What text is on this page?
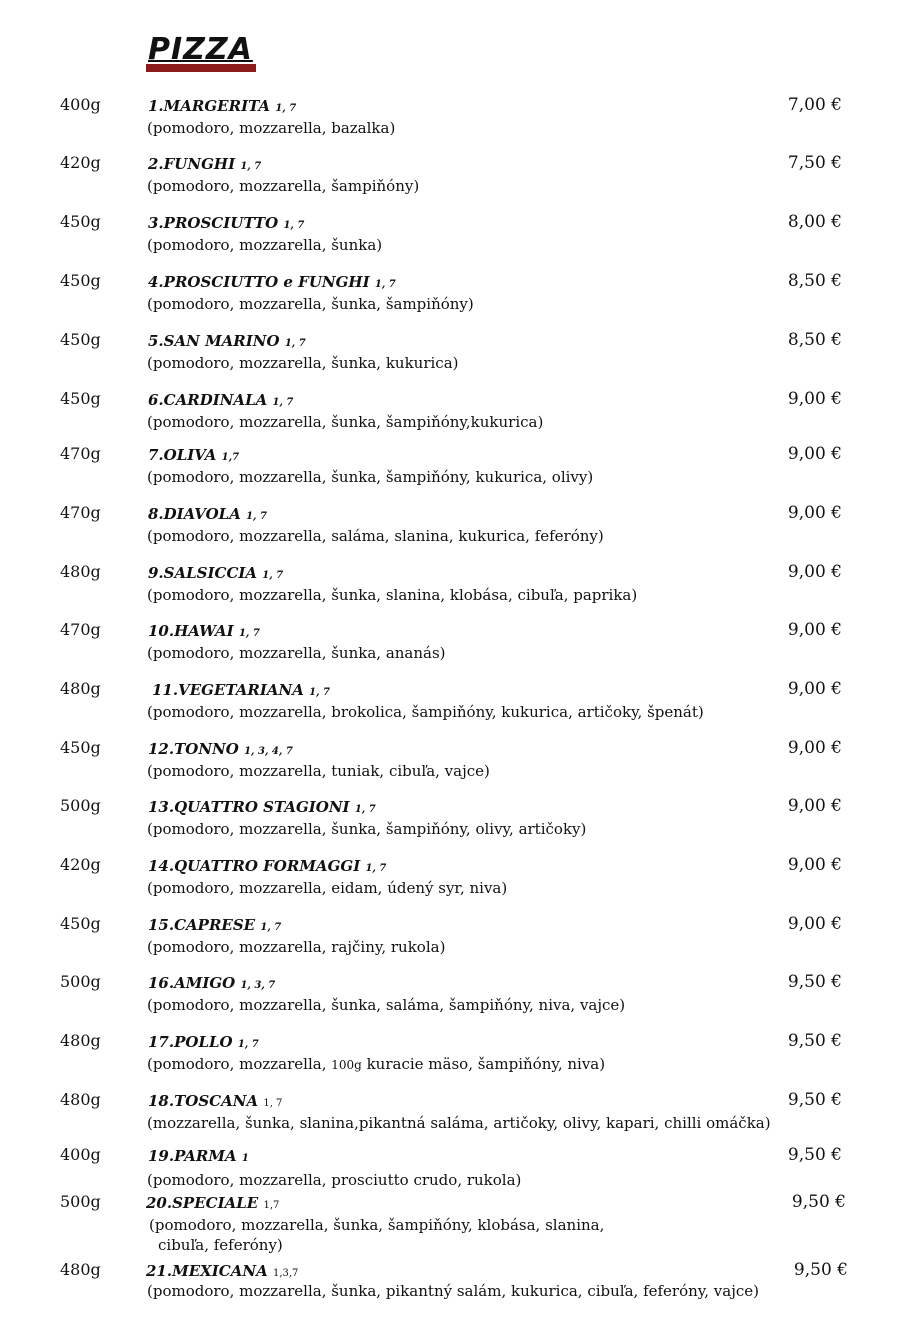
PIZZA
400g	1.MARGERITA 1, 7	7,00 €
(pomodoro, mozzarella, bazalka)
420g	2.FUNGHI 1, 7	7,50 €
(pomodoro, mozzarella, šampiňóny)
450g	3.PROSCIUTTO 1, 7	8,00 €
(pomodoro, mozzarella, šunka)
450g	4.PROSCIUTTO e FUNGHI 1, 7	8,50 €
(pomodoro, mozzarella, šunka, šampiňóny)
450g	5.SAN MARINO 1, 7	8,50 €
(pomodoro, mozzarella, šunka, kukurica)
450g	6.CARDINALA 1, 7	9,00 €
(pomodoro, mozzarella, šunka, šampiňóny,kukurica)
470g	7.OLIVA 1,7	9,00 €
(pomodoro, mozzarella, šunka, šampiňóny, kukurica, olivy)
470g	8.DIAVOLA 1, 7	9,00 €
(pomodoro, mozzarella, saláma, slanina, kukurica, feferóny)
480g	9.SALSICCIA 1, 7	9,00 €
(pomodoro, mozzarella, šunka, slanina, klobása, cibuľa, paprika)
470g	10.HAWAI 1, 7	9,00 €
(pomodoro, mozzarella, šunka, ananás)
480g	11.VEGETARIANA 1, 7	9,00 €
(pomodoro, mozzarella, brokolica, šampiňóny, kukurica, artičoky, špenát)
450g	12.TONNO 1, 3, 4, 7	9,00 €
(pomodoro, mozzarella, tuniak, cibuľa, vajce)
500g	13.QUATTRO STAGIONI 1, 7	9,00 €
(pomodoro, mozzarella, šunka, šampiňóny, olivy, artičoky)
420g	14.QUATTRO FORMAGGI 1, 7	9,00 €
(pomodoro, mozzarella, eidam, údený syr, niva)
450g	15.CAPRESE 1, 7	9,00 €
(pomodoro, mozzarella, rajčiny, rukola)
500g	16.AMIGO 1, 3, 7	9,50 €
(pomodoro, mozzarella, šunka, saláma, šampiňóny, niva, vajce)
480g	17.POLLO 1, 7	9,50 €
(pomodoro, mozzarella, 100g kuracie mäso, šampiňóny, niva)
480g	18.TOSCANA 1, 7	9,50 €
(mozzarella, šunka, slanina,pikantná saláma, artičoky, olivy, kapari, chilli omáčka)
400g	19.PARMA 1	9,50 €
(pomodoro, mozzarella, prosciutto crudo, rukola)
500g	20.SPECIALE 1,7	9,50 €
(pomodoro, mozzarella, šunka, šampiňóny, klobása, slanina,
cibuľa, feferóny)
480g	21.MEXICANA 1,3,7	9,50 €
(pomodoro, mozzarella, šunka, pikantný salám, kukurica, cibuľa, feferóny, vajce)
